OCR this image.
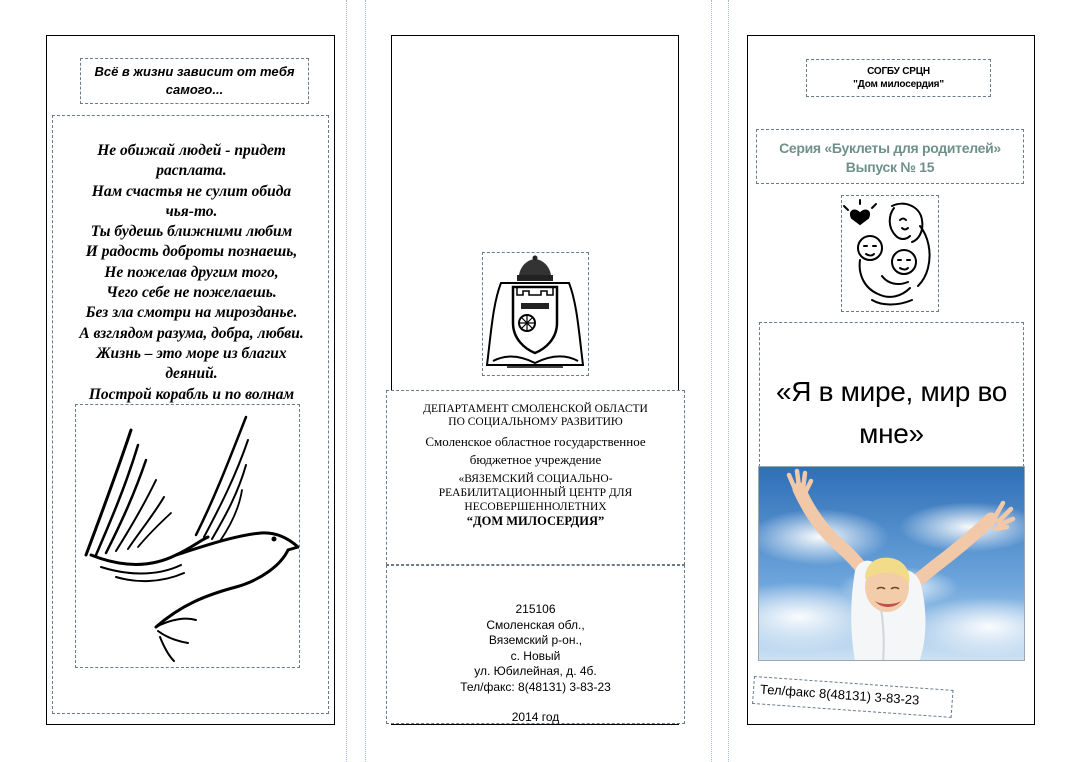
Всё в жизни зависит от тебя самого...
Не обижай людей - придет
расплата.
Нам счастья не сулит обида
чья-то.
Ты будешь ближними любим
И радость доброты познаешь,
Не пожелав другим того,
Чего себе не пожелаешь.
Без зла смотри на мирозданье.
А взглядом разума, добра, любви.
Жизнь – это море из благих
деяний.
Построй корабль и по волнам
ДЕПАРТАМЕНТ СМОЛЕНСКОЙ ОБЛАСТИ
ПО СОЦИАЛЬНОМУ РАЗВИТИЮ
Смоленское областное государственное бюджетное учреждение
«ВЯЗЕМСКИЙ СОЦИАЛЬНО-
РЕАБИЛИТАЦИОННЫЙ ЦЕНТР ДЛЯ
НЕСОВЕРШЕННОЛЕТНИХ
“ДОМ МИЛОСЕРДИЯ”
215106
Смоленская обл.,
Вяземский р-он.,
с. Новый
ул. Юбилейная, д. 4б.
Тел/факс: 8(48131) 3-83-23
2014 год
СОГБУ СРЦН
"Дом милосердия"
Серия «Буклеты для родителей»
Выпуск № 15
«Я в мире, мир во мне»
Тел/факс 8(48131) 3-83-23
